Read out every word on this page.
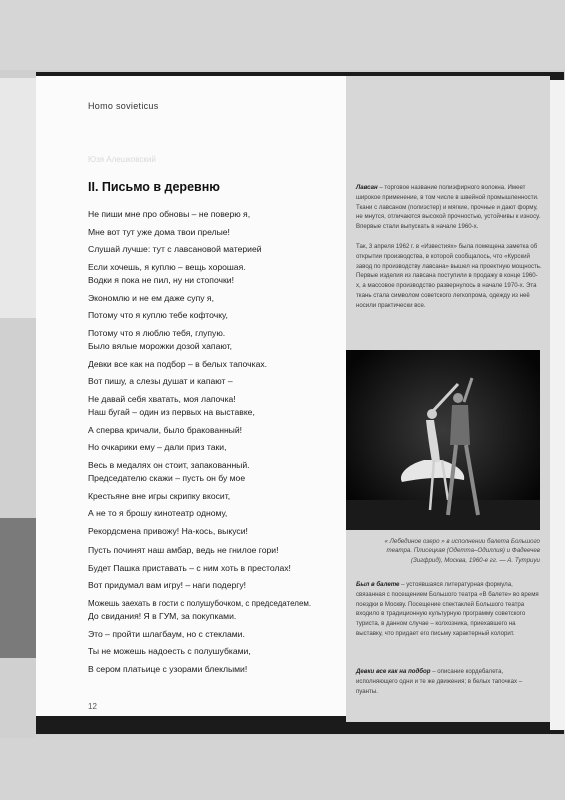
Homo sovieticus
Юзя Алешковский
II. Письмо в деревню
Не пиши мне про обновы – не поверю я,
Мне вот тут уже дома твои прелые!
Слушай лучше: тут с лавсановой материей
Если хочешь, я куплю – вещь хорошая.
Водки я пока не пил, ну ни стопочки!
Экономлю и не ем даже супу я,
Потому что я куплю тебе кофточку,
Потому что я люблю тебя, глупую.
Было вялые морожки дозой хапают,
Девки все как на подбор – в белых тапочках.
Вот пишу, а слезы душат и капают –
Не давай себя хватать, моя лапочка!
Наш бугай – один из первых на выставке,
А сперва кричали, было бракованный!
Но очкарики ему – дали приз таки,
Весь в медалях он стоит, запакованный.
Председателю скажи – пусть он бу мое
Крестьяне вне игры скрипку вкосит,
А не то я брошу кинотеатр одному,
Рекордсмена привожу! На-кось, выкуси!
Пусть починят наш амбар, ведь не гнилое гори!
Будет Пашка приставать – с ним хоть в престолах!
Вот придумал вам игру! – наги подергу!
Можешь заехать в гости с полушубочком, с председателем.
До свидания! Я в ГУМ, за покупками.
Это – пройти шлагбаум, но с стеклами.
Ты не можешь надоесть с полушубками,
В сером платьице с узорами блеклыми!
12
Лавсан – торговое название полиэфирного волокна. Имеет широкое применение, в том числе в швейной промышленности. Ткани с лавсаном (полиэстер) и мягкие, прочные и дают форму, не мнутся, отличаются высокой прочностью, устойчивы к износу. Впервые стали выпускать в начале 1960-х.
Так, 3 апреля 1962 г. в «Известиях» была помещена заметка об открытии производства, в которой сообщалось, что «Курский завод по производству лавсана» вышел на проектную мощность. Первые изделия из лавсана поступили в продажу в конце 1960-х, а массовое производство развернулось в начале 1970-х. Эта ткань стала символом советского легкопрома, одежду из неё носили практически все.
« Лебединое озеро » в исполнении балета Большого театра. Плисецкая (Одетта–Одиллия) и Фадеечев (Зигфрид), Москва, 1960-е гг. — А. Тутриуи
Был в балете – устоявшаяся литературная формула, связанная с посещением Большого театра «В балете» во время поездки в Москву. Посещение спектаклей Большого театра входило в традиционную культурную программу советского туриста, в данном случае – колхозника, приехавшего на выставку, что придает его письму характерный колорит.
Девки все как на подбор – описание кордебалета, исполняющего одни и те же движения; в белых тапочках – пуанты.
